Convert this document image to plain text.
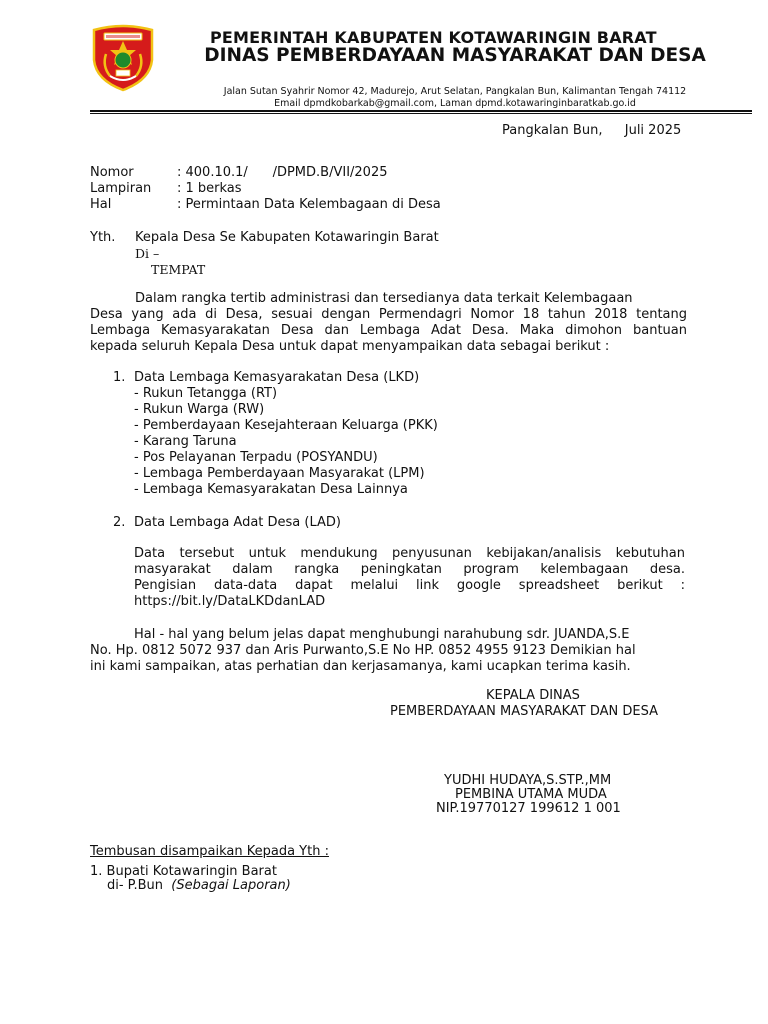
PEMERINTAH KABUPATEN KOTAWARINGIN BARAT
DINAS PEMBERDAYAAN MASYARAKAT DAN DESA
Jalan Sutan Syahrir Nomor 42, Madurejo, Arut Selatan, Pangkalan Bun, Kalimantan Tengah 74112
Email dpmdkobarkab@gmail.com, Laman dpmd.kotawaringinbaratkab.go.id
Pangkalan Bun, Juli 2025
Nomor	: 400.10.1/      /DPMD.B/VII/2025
Lampiran : 1 berkas
Hal	: Permintaan Data Kelembagaan di Desa
Yth. Kepala Desa Se Kabupaten Kotawaringin Barat
Di –
TEMPAT
Dalam rangka tertib administrasi dan tersedianya data terkait Kelembagaan
Desa yang ada di Desa, sesuai dengan Permendagri Nomor 18 tahun 2018 tentang
Lembaga Kemasyarakatan Desa dan Lembaga Adat Desa. Maka dimohon bantuan
kepada seluruh Kepala Desa untuk dapat menyampaikan data sebagai berikut :
1. Data Lembaga Kemasyarakatan Desa (LKD)
- Rukun Tetangga (RT)
- Rukun Warga (RW)
- Pemberdayaan Kesejahteraan Keluarga (PKK)
- Karang Taruna
- Pos Pelayanan Terpadu (POSYANDU)
- Lembaga Pemberdayaan Masyarakat (LPM)
- Lembaga Kemasyarakatan Desa Lainnya
2. Data Lembaga Adat Desa (LAD)
Data tersebut untuk mendukung penyusunan kebijakan/analisis kebutuhan
masyarakat dalam rangka peningkatan program kelembagaan desa.
Pengisian data-data dapat melalui link google spreadsheet berikut :
https://bit.ly/DataLKDdanLAD
Hal - hal yang belum jelas dapat menghubungi narahubung sdr. JUANDA,S.E
No. Hp. 0812 5072 937 dan Aris Purwanto,S.E No HP. 0852 4955 9123 Demikian hal
ini kami sampaikan, atas perhatian dan kerjasamanya, kami ucapkan terima kasih.
KEPALA DINAS
PEMBERDAYAAN MASYARAKAT DAN DESA
YUDHI HUDAYA,S.STP.,MM
PEMBINA UTAMA MUDA
NIP.19770127 199612 1 001
Tembusan disampaikan Kepada Yth :
1. Bupati Kotawaringin Barat
di- P.Bun (Sebagai Laporan)
